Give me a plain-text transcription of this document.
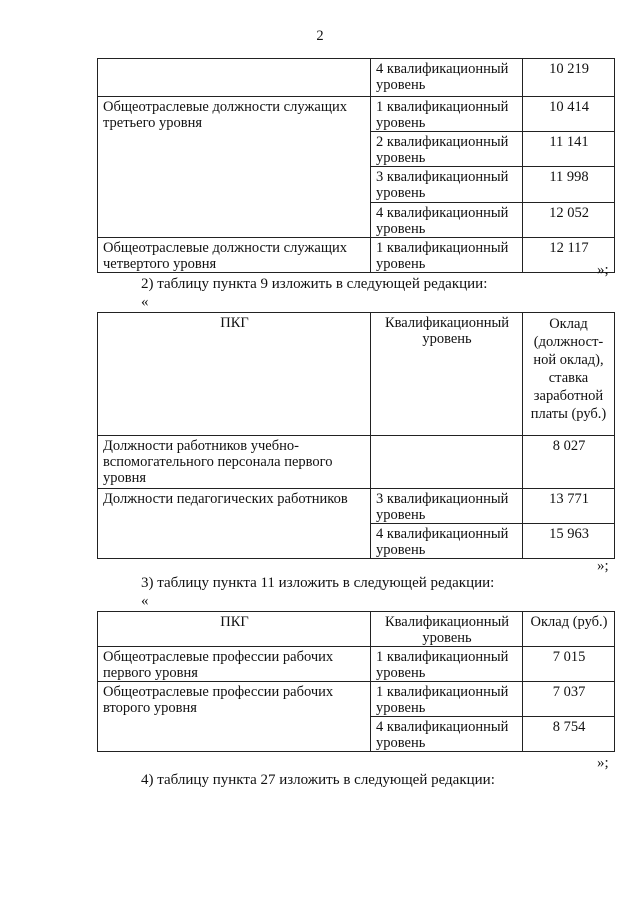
2
	4 квалификационный уровень	10 219
Общеотраслевые должности служащих третьего уровня	1 квалификационный уровень	10 414
	2 квалификационный уровень	11 141
	3 квалификационный уровень	11 998
	4 квалификационный уровень	12 052
Общеотраслевые должности служащих четвертого уровня	1 квалификационный уровень	12 117
»;
2) таблицу пункта 9 изложить в следующей редакции:
«
ПКГ	Квалификационный уровень	Оклад (должност-ной оклад), ставка заработной платы (руб.)
Должности работников учебно-вспомогательного персонала первого уровня		8 027
Должности педагогических работников	3 квалификационный уровень	13 771
	4 квалификационный уровень	15 963
»;
3) таблицу пункта 11 изложить в следующей редакции:
«
ПКГ	Квалификационный уровень	Оклад (руб.)
Общеотраслевые профессии рабочих первого уровня	1 квалификационный уровень	7 015
Общеотраслевые профессии рабочих второго уровня	1 квалификационный уровень	7 037
	4 квалификационный уровень	8 754
»;
4) таблицу пункта 27 изложить в следующей редакции:
